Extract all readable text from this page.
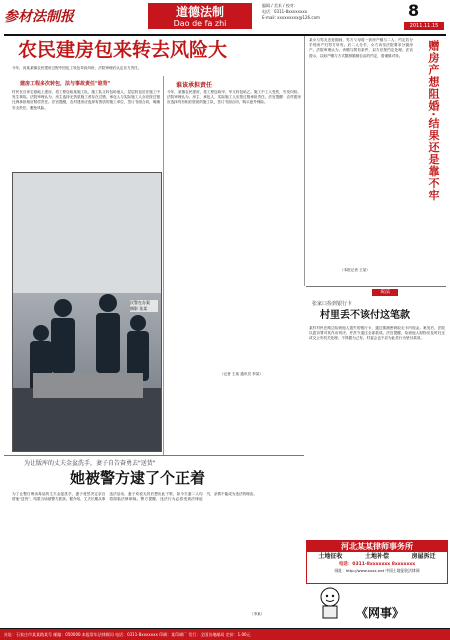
参材法制报	道德法制
Dao de fa zhi
编辑 / 美术 / 校对：
电话：0311-8xxxxxxxx
E-mail: xxxxxxxxx@126.com	8
2011.11.15
农民建房包来转去风险大
今年，河某某镇农民建房过程中因包工转包导致纠纷，法院审理后认定各方责任。
建房工程多次转包，法与事故责任"谁背"
村民在自家宅基地上建房，将工程包给某施工队，施工队又转包给他人，层层转包后在施工中发生事故。法院审理认为，房主选择无资质施工者存在过错，承包人与实际施工人亦应按过错比例承担相应赔偿责任。法官提醒，农村建房应选择有资质的施工单位，签订书面合同，明确安全责任，避免风险。
谁该承担责任
今年，某镇农民建房，将工程包给甲，甲又转包给乙。施工中工人受伤，引发纠纷。法院审理认为，房主、承包人、实际施工人应按过错承担责任。法官提醒：农村建房应选择具有相应资质的施工队，签订书面合同，购买意外保险。
（记者 王某 通讯员 李某）
民警在办案
摄影 张某
某女与男友恋爱期间，男方父母将一套房产赠与二人，约定若分手则房产归男方所有。后二人分手，女方诉至法院要求分割房产。法院审理认为，该赠与附有条件，双方应按约定处理。法官提示，以财产赠与方式限制婚姻自由的约定，需谨慎对待。	赠房产想阻婚·结果还是靠不牢
（本报记者 王某）
说法
张家口捡到银行卡
村里丢不该付这笔款
某村村民在路边捡到他人遗失的银行卡，通过猜测密码取走卡内现金。案发后，法院以盗窃罪对其作出判决，并责令退还全部款项。法官提醒，捡到他人财物应及时归还或交公安机关处理，不得据为己有。村委会也不应为此类行为垫付款项。
为让版库的丈夫金盆洗手，妻子自告奋勇去"送货"
她被警方逮了个正着
为了让整日贩卖毒品的丈夫金盆洗手，妻子竟然决定亲自替他"送货"，结果当场被警方抓获。据介绍，丈夫长期从事违法活动，妻子劝说无效后想出此下策，如今夫妻二人均将面临法律制裁。警方提醒，违法行为必将受到法律追究，亲情不能成为违法的理由。
（李某）	《网事》
河北某某律师事务所
土地征收	土地补偿	房屋拆迁
电话：0311-8xxxxxxx 8xxxxxxx
网址：http://www.xxxx.net 中国土地征收法律网
社址：石家庄市某某路某号 邮编：050000 本报常年法律顾问 电话：0311-8xxxxxxx 印刷：某印刷厂 发行：全国各地邮局 定价：1.00元
